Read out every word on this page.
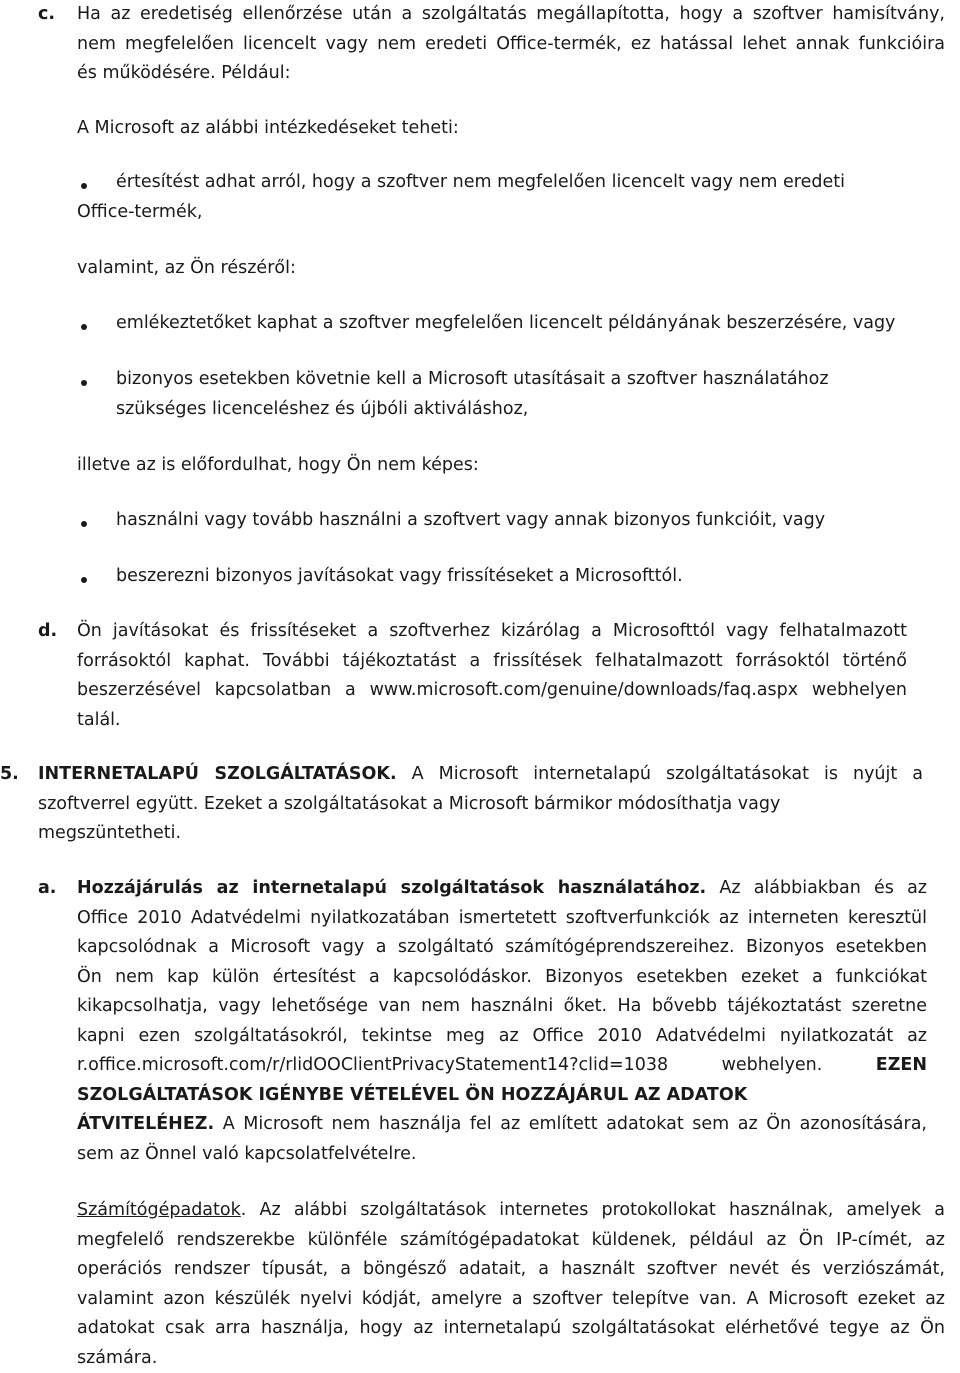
c. Ha az eredetiség ellenőrzése után a szolgáltatás megállapította, hogy a szoftver hamisítvány,
nem megfelelően licencelt vagy nem eredeti Office-termék, ez hatással lehet annak funkcióira
és működésére. Például:
A Microsoft az alábbi intézkedéseket teheti:
értesítést adhat arról, hogy a szoftver nem megfelelően licencelt vagy nem eredeti
Office-termék,
valamint, az Ön részéről:
emlékeztetőket kaphat a szoftver megfelelően licencelt példányának beszerzésére, vagy
bizonyos esetekben követnie kell a Microsoft utasításait a szoftver használatához
szükséges licenceléshez és újbóli aktiváláshoz,
illetve az is előfordulhat, hogy Ön nem képes:
használni vagy tovább használni a szoftvert vagy annak bizonyos funkcióit, vagy
beszerezni bizonyos javításokat vagy frissítéseket a Microsofttól.
d. Ön javításokat és frissítéseket a szoftverhez kizárólag a Microsofttól vagy felhatalmazott
forrásoktól kaphat. További tájékoztatást a frissítések felhatalmazott forrásoktól történő
beszerzésével kapcsolatban a www.microsoft.com/genuine/downloads/faq.aspx webhelyen
talál.
5. INTERNETALAPÚ SZOLGÁLTATÁSOK. A Microsoft internetalapú szolgáltatásokat is nyújt a
szoftverrel együtt. Ezeket a szolgáltatásokat a Microsoft bármikor módosíthatja vagy
megszüntetheti.
a. Hozzájárulás az internetalapú szolgáltatások használatához. Az alábbiakban és az
Office 2010 Adatvédelmi nyilatkozatában ismertetett szoftverfunkciók az interneten keresztül
kapcsolódnak a Microsoft vagy a szolgáltató számítógéprendszereihez. Bizonyos esetekben
Ön nem kap külön értesítést a kapcsolódáskor. Bizonyos esetekben ezeket a funkciókat
kikapcsolhatja, vagy lehetősége van nem használni őket. Ha bővebb tájékoztatást szeretne
kapni ezen szolgáltatásokról, tekintse meg az Office 2010 Adatvédelmi nyilatkozatát az
r.office.microsoft.com/r/rlidOOClientPrivacyStatement14?clid=1038 webhelyen. EZEN
SZOLGÁLTATÁSOK IGÉNYBE VÉTELÉVEL ÖN HOZZÁJÁRUL AZ ADATOK
ÁTVITELÉHEZ. A Microsoft nem használja fel az említett adatokat sem az Ön azonosítására,
sem az Önnel való kapcsolatfelvételre.
Számítógépadatok. Az alábbi szolgáltatások internetes protokollokat használnak, amelyek a
megfelelő rendszerekbe különféle számítógépadatokat küldenek, például az Ön IP-címét, az
operációs rendszer típusát, a böngésző adatait, a használt szoftver nevét és verziószámát,
valamint azon készülék nyelvi kódját, amelyre a szoftver telepítve van. A Microsoft ezeket az
adatokat csak arra használja, hogy az internetalapú szolgáltatásokat elérhetővé tegye az Ön
számára.
